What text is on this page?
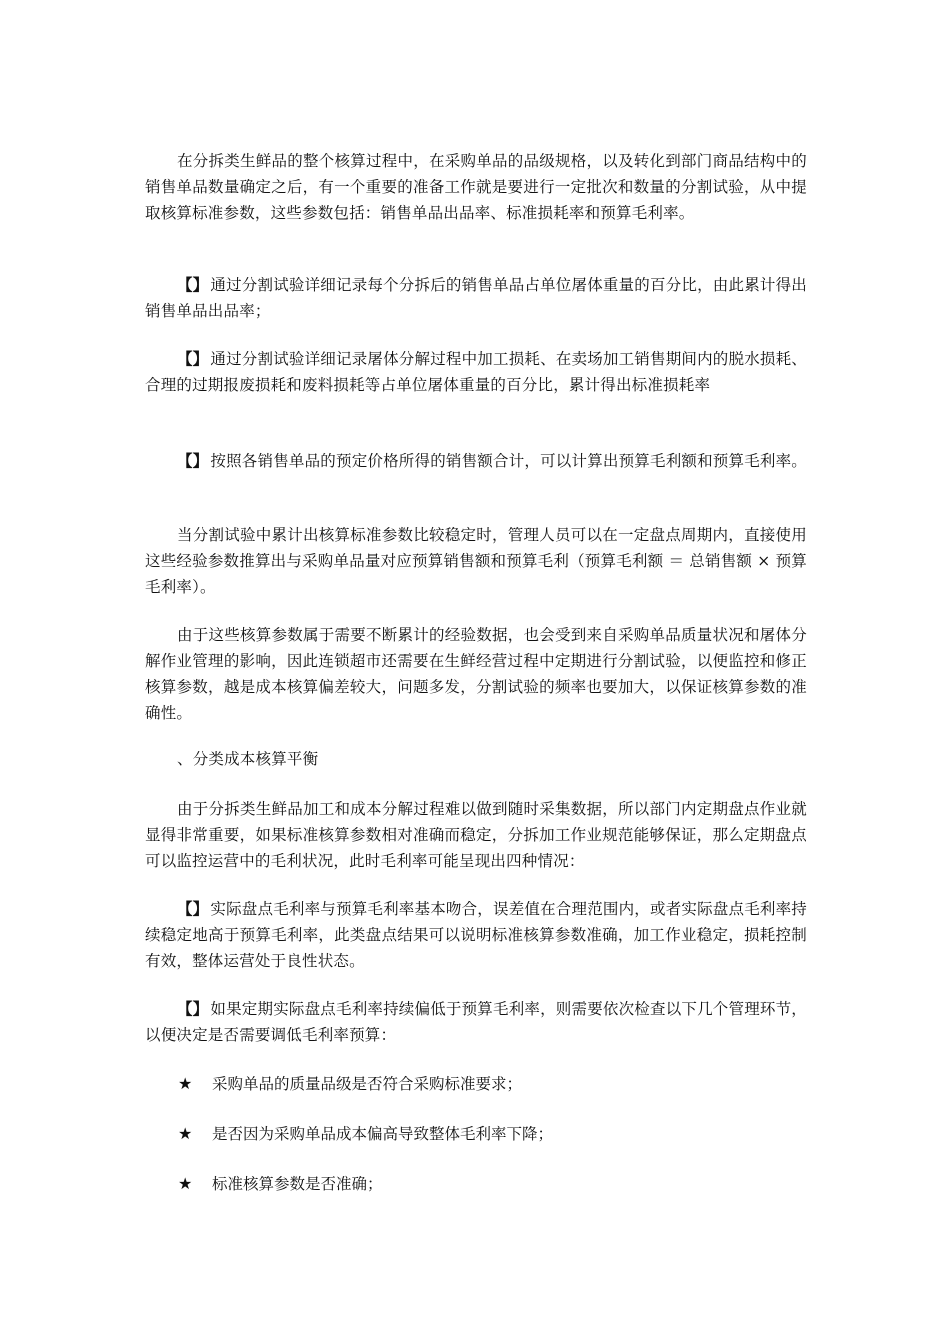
在分拆类生鲜品的整个核算过程中，在采购单品的品级规格，以及转化到部门商品结构中的销售单品数量确定之后，有一个重要的准备工作就是要进行一定批次和数量的分割试验，从中提取核算标准参数，这些参数包括：销售单品出品率、标准损耗率和预算毛利率。

【】 通过分割试验详细记录每个分拆后的销售单品占单位屠体重量的百分比，由此累计得出销售单品出品率；

【】 通过分割试验详细记录屠体分解过程中加工损耗、在卖场加工销售期间内的脱水损耗、合理的过期报废损耗和废料损耗等占单位屠体重量的百分比，累计得出标准损耗率

【】 按照各销售单品的预定价格所得的销售额合计，可以计算出预算毛利额和预算毛利率。

当分割试验中累计出核算标准参数比较稳定时，管理人员可以在一定盘点周期内，直接使用这些经验参数推算出与采购单品量对应预算销售额和预算毛利（预算毛利额 ＝ 总销售额 × 预算毛利率）。

由于这些核算参数属于需要不断累计的经验数据，也会受到来自采购单品质量状况和屠体分解作业管理的影响，因此连锁超市还需要在生鲜经营过程中定期进行分割试验，以便监控和修正核算参数，越是成本核算偏差较大，问题多发，分割试验的频率也要加大，以保证核算参数的准确性。

、分类成本核算平衡

由于分拆类生鲜品加工和成本分解过程难以做到随时采集数据，所以部门内定期盘点作业就显得非常重要，如果标准核算参数相对准确而稳定，分拆加工作业规范能够保证，那么定期盘点可以监控运营中的毛利状况，此时毛利率可能呈现出四种情况：

【】 实际盘点毛利率与预算毛利率基本吻合，误差值在合理范围内，或者实际盘点毛利率持续稳定地高于预算毛利率，此类盘点结果可以说明标准核算参数准确，加工作业稳定，损耗控制有效，整体运营处于良性状态。

【】 如果定期实际盘点毛利率持续偏低于预算毛利率，则需要依次检查以下几个管理环节，以便决定是否需要调低毛利率预算：

★ 采购单品的质量品级是否符合采购标准要求；

★ 是否因为采购单品成本偏高导致整体毛利率下降；

★ 标准核算参数是否准确；
